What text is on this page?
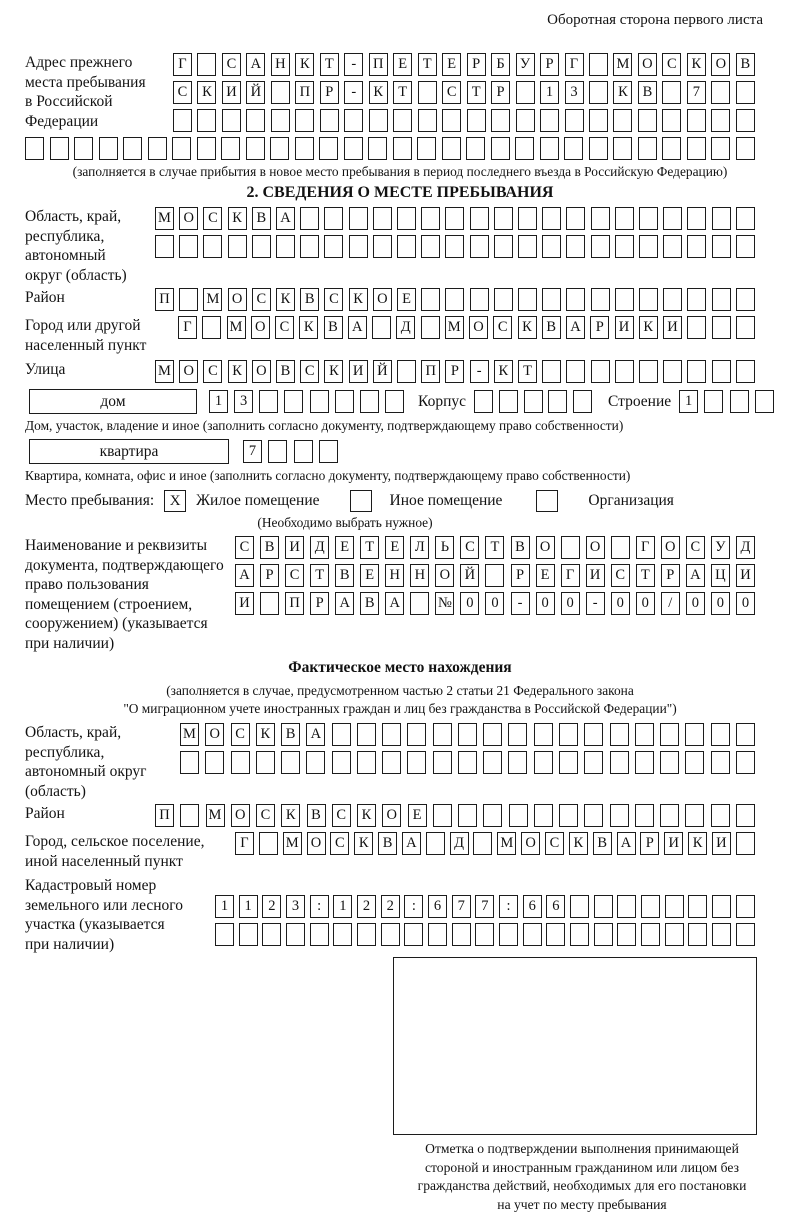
Оборотная сторона первого листа
Адрес прежнего
места пребывания
в Российской
Федерации
Г	С А Н К	Т	-	П	Е	Т	Е	Р	Б	У	Р	Г	М О С	К О В
С	К И Й	П	Р	-	К	Т	С	Т	Р	1	3	К	В	7
(заполняется в случае прибытия в новое место пребывания в период последнего въезда в Российскую Федерацию)
2. СВЕДЕНИЯ О МЕСТЕ ПРЕБЫВАНИЯ
Область, край,
республика,
автономный
округ (область)
М О С	К	В А
Район	П	М О С	К	В	С	К О	Е
Город или другой
населенный пункт
Г	М О С	К	В А	Д	М О С	К	В А	Р	И К И
Улица	М О С	К О В	С	К И Й	П	Р	-	К	Т
дом	1	3	Корпус	Строение 1
Дом, участок, владение и иное (заполнить согласно документу, подтверждающему право собственности)
квартира	7
Квартира, комната, офис и иное (заполнить согласно документу, подтверждающему право собственности)
Место пребывания:	X	Жилое помещение	Иное помещение	Организация
(Необходимо выбрать нужное)
Наименование и реквизиты
документа, подтверждающего
право пользования
помещением (строением,
сооружением) (указывается
при наличии)
С	В	И	Д	Е	Т	Е	Л	Ь	С	Т	В	О	О	Г	О	С	У	Д
А	Р	С	Т	В	Е	Н Н О Й	Р	Е	Г	И	С	Т	Р	А Ц И
И	П	Р	А	В	А	№	0	0	-	0	0	-	0	0	/	0	0	0
Фактическое место нахождения
(заполняется в случае, предусмотренном частью 2 статьи 21 Федерального закона
"О миграционном учете иностранных граждан и лиц без гражданства в Российской Федерации")
Область, край,
республика,
автономный округ
(область)
М О	С	К	В	А
Район	П	М О	С	К	В	С	К	О	Е
Город, сельское поселение,
иной населенный пункт
Г	М О С К В А	Д	М О С К В А	Р	И К И
Кадастровый номер
земельного или лесного
участка (указывается
при наличии)
1	1	2	3	:	1	2	2	:	6	7	7	:	6	6
Отметка о подтверждении выполнения принимающей
стороной и иностранным гражданином или лицом без
гражданства действий, необходимых для его постановки
на учет по месту пребывания
